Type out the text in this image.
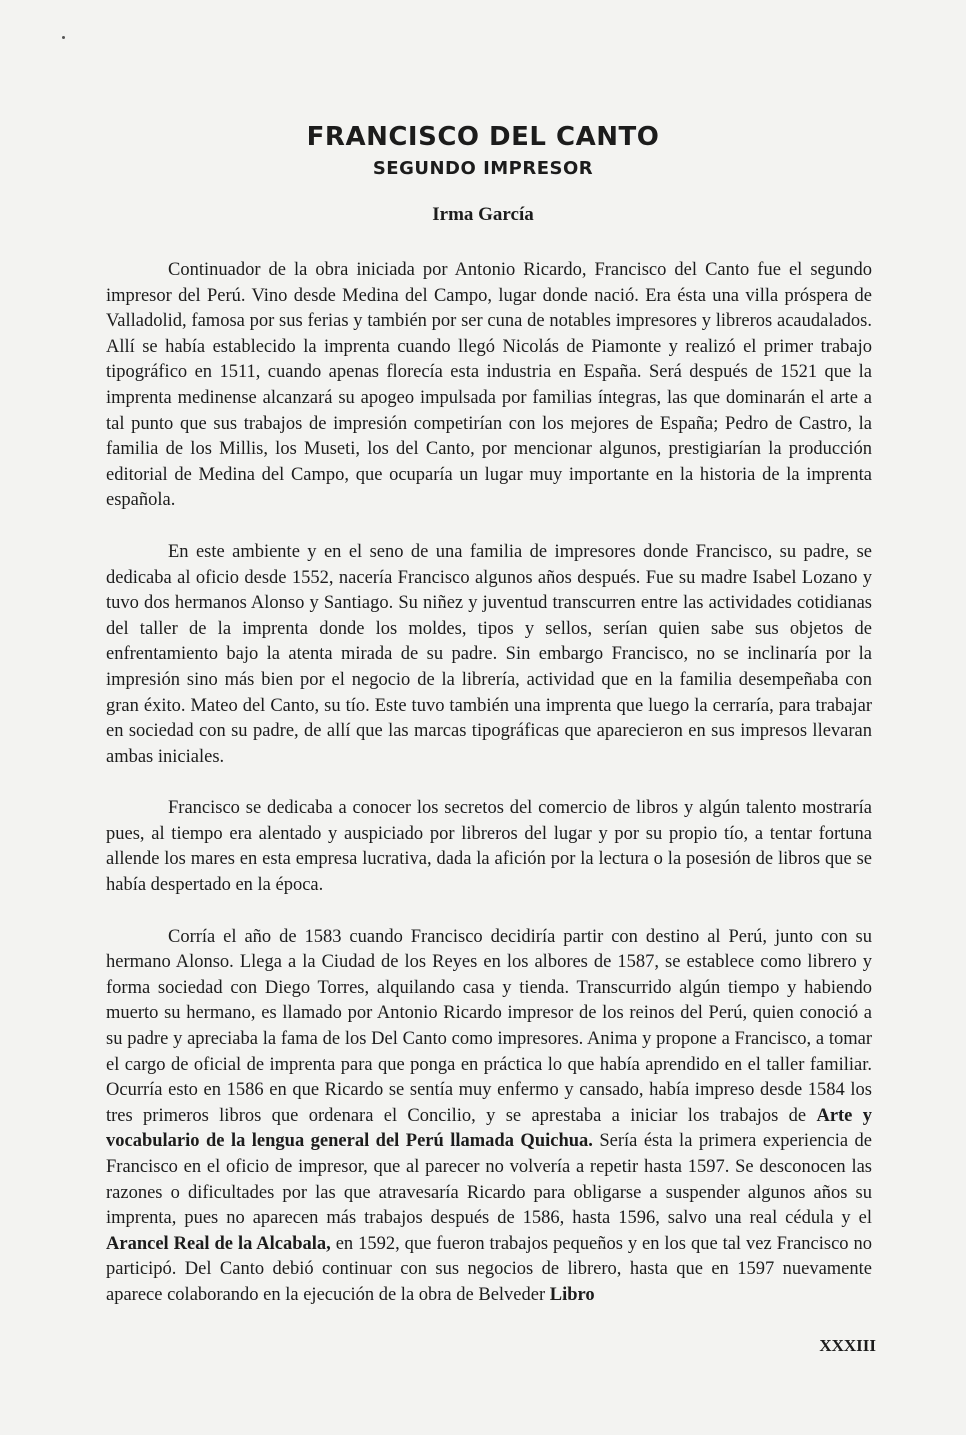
FRANCISCO DEL CANTO
SEGUNDO IMPRESOR
Irma García

Continuador de la obra iniciada por Antonio Ricardo, Francisco del Canto fue el segundo impresor del Perú. Vino desde Medina del Campo, lugar donde nació. Era ésta una villa próspera de Valladolid, famosa por sus ferias y también por ser cuna de notables impresores y libreros acaudalados. Allí se había establecido la imprenta cuando llegó Nicolás de Piamonte y realizó el primer trabajo tipográfico en 1511, cuando apenas florecía esta industria en España. Será después de 1521 que la imprenta medinense alcanzará su apogeo impulsada por familias íntegras, las que dominarán el arte a tal punto que sus trabajos de impresión competirían con los mejores de España; Pedro de Castro, la familia de los Millis, los Museti, los del Canto, por mencionar algunos, prestigiarían la producción editorial de Medina del Campo, que ocuparía un lugar muy importante en la historia de la imprenta española.

En este ambiente y en el seno de una familia de impresores donde Francisco, su padre, se dedicaba al oficio desde 1552, nacería Francisco algunos años después. Fue su madre Isabel Lozano y tuvo dos hermanos Alonso y Santiago. Su niñez y juventud transcurren entre las actividades cotidianas del taller de la imprenta donde los moldes, tipos y sellos, serían quien sabe sus objetos de enfrentamiento bajo la atenta mirada de su padre. Sin embargo Francisco, no se inclinaría por la impresión sino más bien por el negocio de la librería, actividad que en la familia desempeñaba con gran éxito. Mateo del Canto, su tío. Este tuvo también una imprenta que luego la cerraría, para trabajar en sociedad con su padre, de allí que las marcas tipográficas que aparecieron en sus impresos llevaran ambas iniciales.

Francisco se dedicaba a conocer los secretos del comercio de libros y algún talento mostraría pues, al tiempo era alentado y auspiciado por libreros del lugar y por su propio tío, a tentar fortuna allende los mares en esta empresa lucrativa, dada la afición por la lectura o la posesión de libros que se había despertado en la época.

Corría el año de 1583 cuando Francisco decidiría partir con destino al Perú, junto con su hermano Alonso. Llega a la Ciudad de los Reyes en los albores de 1587, se establece como librero y forma sociedad con Diego Torres, alquilando casa y tienda. Transcurrido algún tiempo y habiendo muerto su hermano, es llamado por Antonio Ricardo impresor de los reinos del Perú, quien conoció a su padre y apreciaba la fama de los Del Canto como impresores. Anima y propone a Francisco, a tomar el cargo de oficial de imprenta para que ponga en práctica lo que había aprendido en el taller familiar. Ocurría esto en 1586 en que Ricardo se sentía muy enfermo y cansado, había impreso desde 1584 los tres primeros libros que ordenara el Concilio, y se aprestaba a iniciar los trabajos de Arte y vocabulario de la lengua general del Perú llamada Quichua. Sería ésta la primera experiencia de Francisco en el oficio de impresor, que al parecer no volvería a repetir hasta 1597. Se desconocen las razones o dificultades por las que atravesaría Ricardo para obligarse a suspender algunos años su imprenta, pues no aparecen más trabajos después de 1586, hasta 1596, salvo una real cédula y el Arancel Real de la Alcabala, en 1592, que fueron trabajos pequeños y en los que tal vez Francisco no participó. Del Canto debió continuar con sus negocios de librero, hasta que en 1597 nuevamente aparece colaborando en la ejecución de la obra de Belveder Libro

XXXIII
